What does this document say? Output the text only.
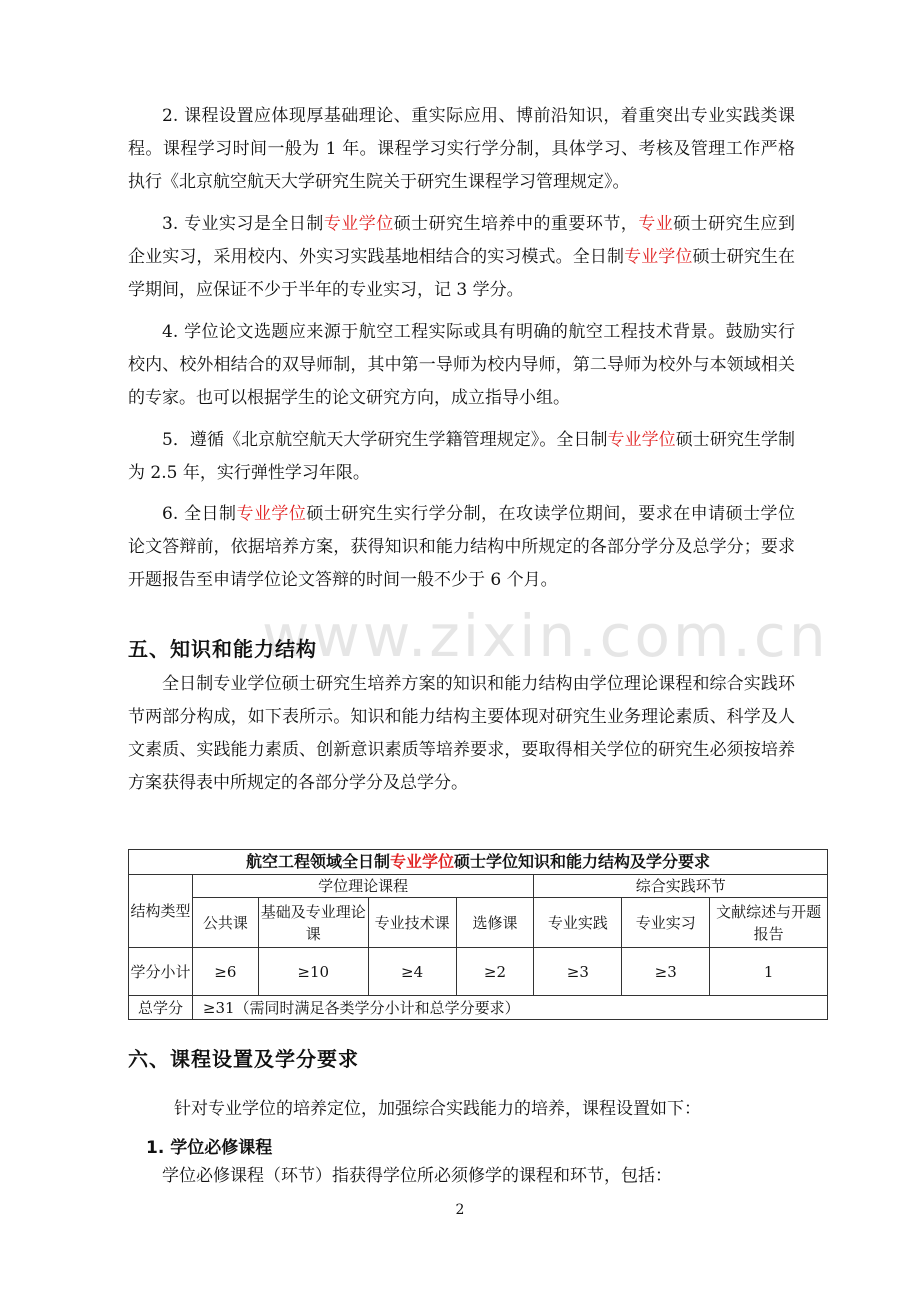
2. 课程设置应体现厚基础理论、重实际应用、博前沿知识，着重突出专业实践类课程。课程学习时间一般为 1 年。课程学习实行学分制，具体学习、考核及管理工作严格执行《北京航空航天大学研究生院关于研究生课程学习管理规定》。

3. 专业实习是全日制专业学位硕士研究生培养中的重要环节，专业硕士研究生应到企业实习，采用校内、外实习实践基地相结合的实习模式。全日制专业学位硕士研究生在学期间，应保证不少于半年的专业实习，记 3 学分。

4. 学位论文选题应来源于航空工程实际或具有明确的航空工程技术背景。鼓励实行校内、校外相结合的双导师制，其中第一导师为校内导师，第二导师为校外与本领域相关的专家。也可以根据学生的论文研究方向，成立指导小组。

5．遵循《北京航空航天大学研究生学籍管理规定》。全日制专业学位硕士研究生学制为 2.5 年，实行弹性学习年限。

6. 全日制专业学位硕士研究生实行学分制，在攻读学位期间，要求在申请硕士学位论文答辩前，依据培养方案，获得知识和能力结构中所规定的各部分学分及总学分；要求开题报告至申请学位论文答辩的时间一般不少于 6 个月。

www.zixin.com.cn
五、知识和能力结构

全日制专业学位硕士研究生培养方案的知识和能力结构由学位理论课程和综合实践环节两部分构成，如下表所示。知识和能力结构主要体现对研究生业务理论素质、科学及人文素质、实践能力素质、创新意识素质等培养要求，要取得相关学位的研究生必须按培养方案获得表中所规定的各部分学分及总学分。

航空工程领域全日制专业学位硕士学位知识和能力结构及学分要求							
结构类型	学位理论课程				综合实践环节		
	公共课	基础及专业理论课	专业技术课	选修课	专业实践	专业实习	文献综述与开题报告
学分小计	≥6	≥10	≥4	≥2	≥3	≥3	1
总学分	≥31（需同时满足各类学分小计和总学分要求）						
六、课程设置及学分要求

针对专业学位的培养定位，加强综合实践能力的培养，课程设置如下：

1. 学位必修课程

学位必修课程（环节）指获得学位所必须修学的课程和环节，包括：

2
